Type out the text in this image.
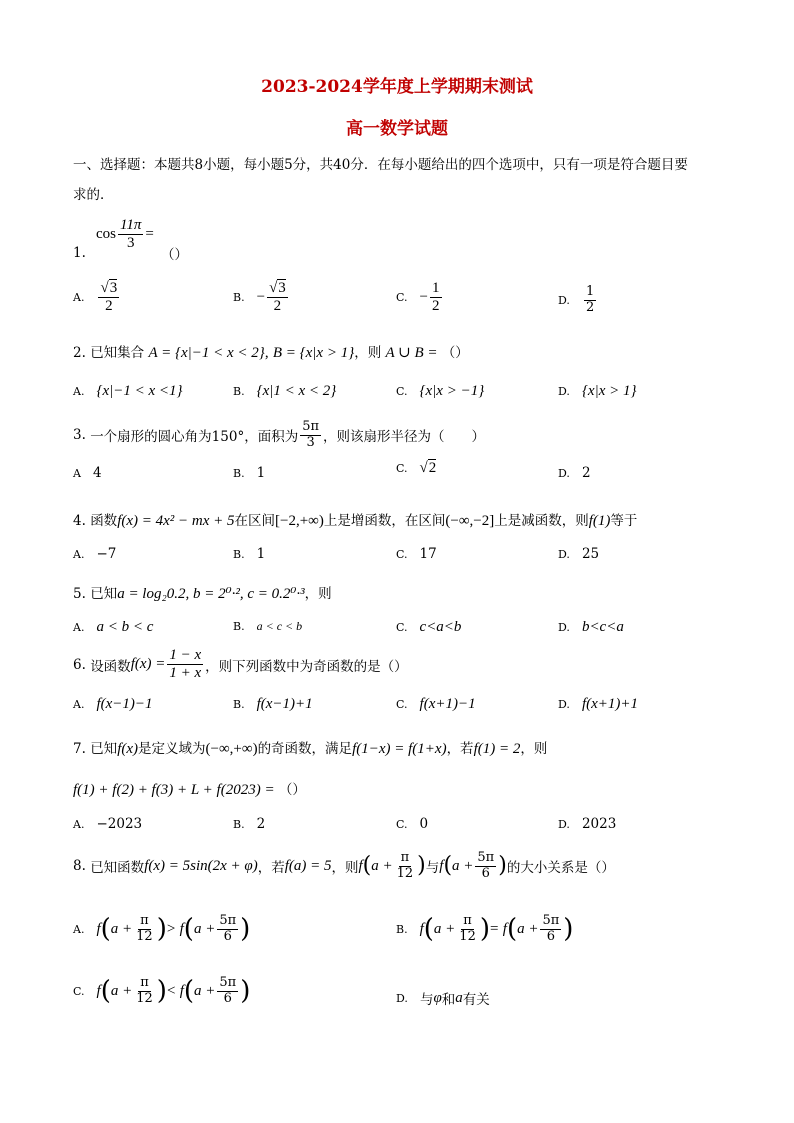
2023-2024学年度上学期期末测试
高一数学试题
一、选择题：本题共8小题，每小题5分，共40分．在每小题给出的四个选项中，只有一项是符合题目要
求的．
$\cos \frac{11\pi}{3}$ =
1.	（）
A. $\frac{√3}{2}$	B. − $\frac{√3}{2}$	C. − $\frac{1}{2}$	D. $\frac{1}{2}$
2. 已知集合 A = {x|−1 < x < 2}, B = {x|x > 1}，则 A ∪ B = （）
A. {x|−1 < x <1}	B. {x|1 < x < 2}	C. {x|x > −1}	D. {x|x > 1}
3.
一个扇形的圆心角为150°，面积为 $\frac{5\pi}{3}$ ，则该扇形半径为（　　）
A 4	B. 1	C. √2	D. 2
4. 函数f(x) = 4x² − mx + 5在区间[−2,+∞)上是增函数，在区间(−∞,−2]上是减函数，则f(1)等于
A. −7	B. 1	C. 17	D. 25
5. 已知a = log₂0.2, b = 2⁰·², c = 0.2⁰·³，则
A. a < b < c	B. a < c < b	C. c<a<b	D. b<c<a
6.
设函数 $f(x) = \frac{1 - x}{1 + x}$ ，则下列函数中为奇函数的是（）
A. f(x−1)−1	B. f(x−1)+1	C. f(x+1)−1	D. f(x+1)+1
7. 已知f(x)是定义域为(−∞,+∞)的奇函数，满足f(1−x) = f(1+x)，若f(1) = 2，则
f(1) + f(2) + f(3) + L + f(2023) = （）
A. −2023	B. 2	C. 0	D. 2023
8.
已知函数 f(x) = 5sin(2x + φ) ，若 f(a) = 5 ，则 f ( $a + \frac{\pi}{12}$ ) 与 f ( $a + \frac{5\pi}{6}$ ) 的大小关系是（）
A. f ( $a + \frac{\pi}{12}$ ) >
f ( $a + \frac{5\pi}{6}$ )	B. f ( $a + \frac{\pi}{12}$ ) =
f ( $a + \frac{5\pi}{6}$ )
C. f ( $a + \frac{\pi}{12}$ ) <
f ( $a + \frac{5\pi}{6}$ )	D. 与 φ 和 a 有关
